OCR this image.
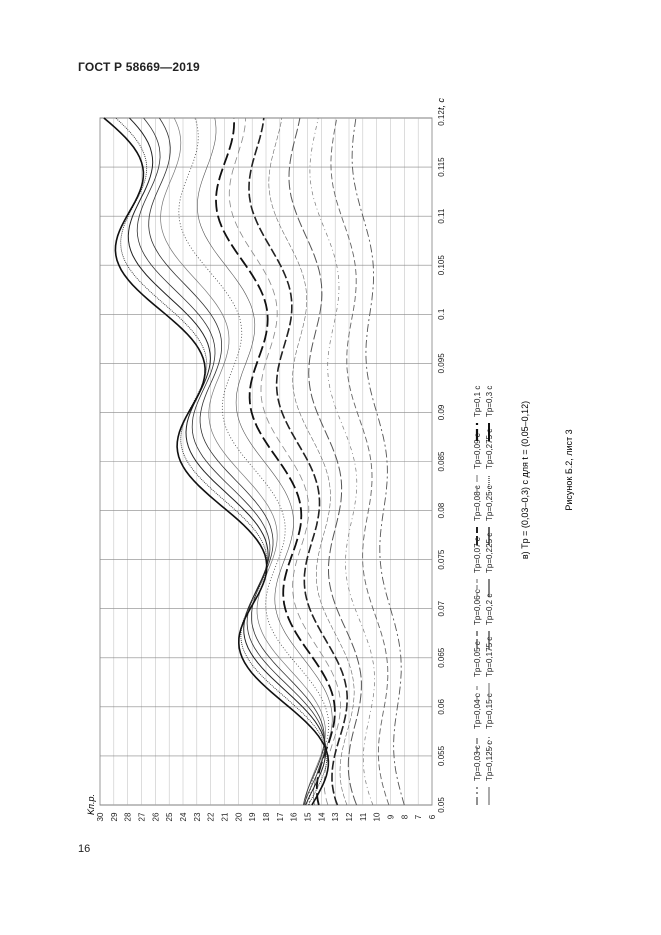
ГОСТ Р 58669—2019
16
6
7
8
9
10
11
12
13
14
15
16
17
18
19
20
21
22
23
24
25
26
27
28
29
30
0.05
0.055
0.06
0.065
0.07
0.075
0.08
0.085
0.09
0.095
0.1
0.105
0.11
0.115
0.12
Tр=0,03 с
Tр=0,04 с
Tр=0,05 с
Tр=0,06 с
Tр=0,07 с
Tр=0,08 с
Tр=0,09 с
Tр=0,1 с
Tр=0,125 с
Tр=0,15 с
Tр=0,175 с
Tр=0,2 с
Tр=0,225 с
Tр=0,25 с
Tр=0,275 с
Tр=0,3 с
t, c
Kп.р.
в) Tр = (0,03–0,3) с для t = (0,05–0,12)	Рисунок Б.2, лист 3
